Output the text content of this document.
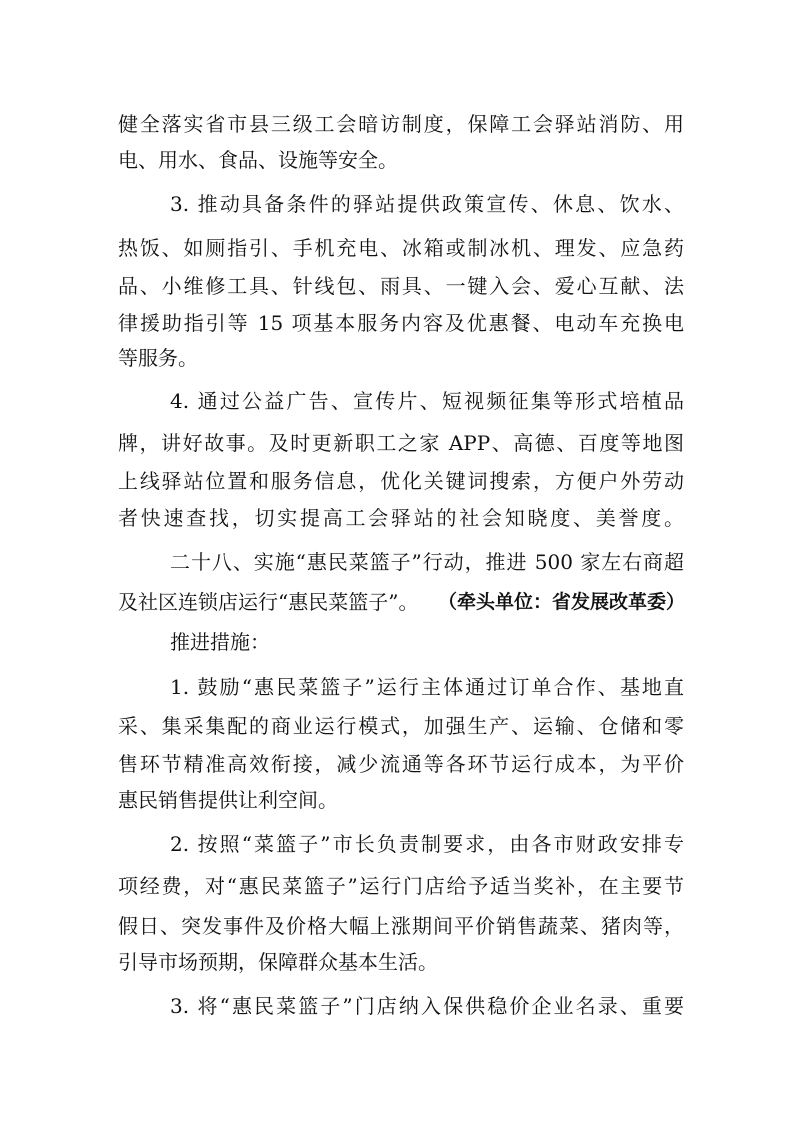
健全落实省市县三级工会暗访制度，保障工会驿站消防、用
电、用水、食品、设施等安全。
3. 推动具备条件的驿站提供政策宣传、休息、饮水、
热饭、如厕指引、手机充电、冰箱或制冰机、理发、应急药
品、小维修工具、针线包、雨具、一键入会、爱心互献、法
律援助指引等 15 项基本服务内容及优惠餐、电动车充换电
等服务。
4. 通过公益广告、宣传片、短视频征集等形式培植品
牌，讲好故事。及时更新职工之家 APP、高德、百度等地图
上线驿站位置和服务信息，优化关键词搜索，方便户外劳动
者快速查找，切实提高工会驿站的社会知晓度、美誉度。
二十八、实施“惠民菜篮子”行动，推进 500 家左右商超
及社区连锁店运行“惠民菜篮子”。 （牵头单位：省发展改革委）
推进措施：
1. 鼓励“惠民菜篮子”运行主体通过订单合作、基地直
采、集采集配的商业运行模式，加强生产、运输、仓储和零
售环节精准高效衔接，减少流通等各环节运行成本，为平价
惠民销售提供让利空间。
2. 按照“菜篮子”市长负责制要求，由各市财政安排专
项经费，对“惠民菜篮子”运行门店给予适当奖补，在主要节
假日、突发事件及价格大幅上涨期间平价销售蔬菜、猪肉等，
引导市场预期，保障群众基本生活。
3. 将“惠民菜篮子”门店纳入保供稳价企业名录、重要
